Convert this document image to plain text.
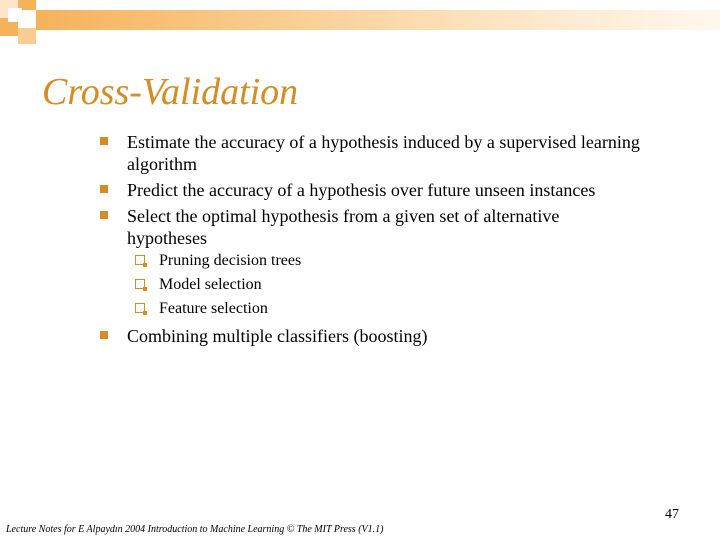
Cross-Validation
Estimate the accuracy of a hypothesis induced by a supervised learning algorithm
Predict the accuracy of a hypothesis over future unseen instances
Select the optimal hypothesis from a given set of alternative hypotheses
Pruning decision trees
Model selection
Feature selection
Combining multiple classifiers (boosting)
47
Lecture Notes for E Alpaydın 2004 Introduction to Machine Learning © The MIT Press (V1.1)
